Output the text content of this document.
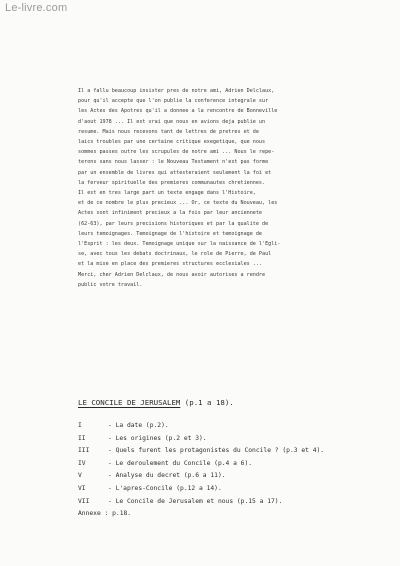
Le-livre.com
Il a fallu beaucoup insister pres de notre ami, Adrien Delclaux,
pour qu'il accepte que l'on publie la conference integrale sur
les Actes des Apotres qu'il a donnee a la rencontre de Bonneville
d'aout 1978 ... Il est vrai que nous en avions deja publie un
resume. Mais nous recevons tant de lettres de pretres et de
laics troubles par une certaine critique exegetique, que nous
sommes passes outre les scrupules de notre ami ... Nous le repe-
terons sans nous lasser : le Nouveau Testament n'est pas forme
par un ensemble de livres qui attesteraient seulement la foi et
la ferveur spirituelle des premieres communautes chretiennes.
Il est en tres large part un texte engage dans l'Histoire,
et de ce nombre le plus precieux ... Or, ce texte du Nouveau, les
Actes sont infiniment precieux a la fois par leur anciennete
(62-63), par leurs precisions historiques et par la qualite de
leurs temoignages. Temoignage de l'histoire et temoignage de
l'Esprit : les deux. Temoignage unique sur la naissance de l'Egli-
se, avec tous les debats doctrinaux, le role de Pierre, de Paul
et la mise en place des premieres structures ecclesiales ...
Merci, cher Adrien Delclaux, de nous avoir autorises a rendre
public votre travail.
LE CONCILE DE JERUSALEM (p.1 a 18).
I	- La date (p.2).
II	- Les origines (p.2 et 3).
III	- Quels furent les protagonistes du Concile ? (p.3 et 4).
IV	- Le deroulement du Concile (p.4 a 6).
V	- Analyse du decret (p.6 a 11).
VI	- L'apres-Concile (p.12 a 14).
VII	- Le Concile de Jerusalem et nous (p.15 a 17).
Annexe : p.18.
